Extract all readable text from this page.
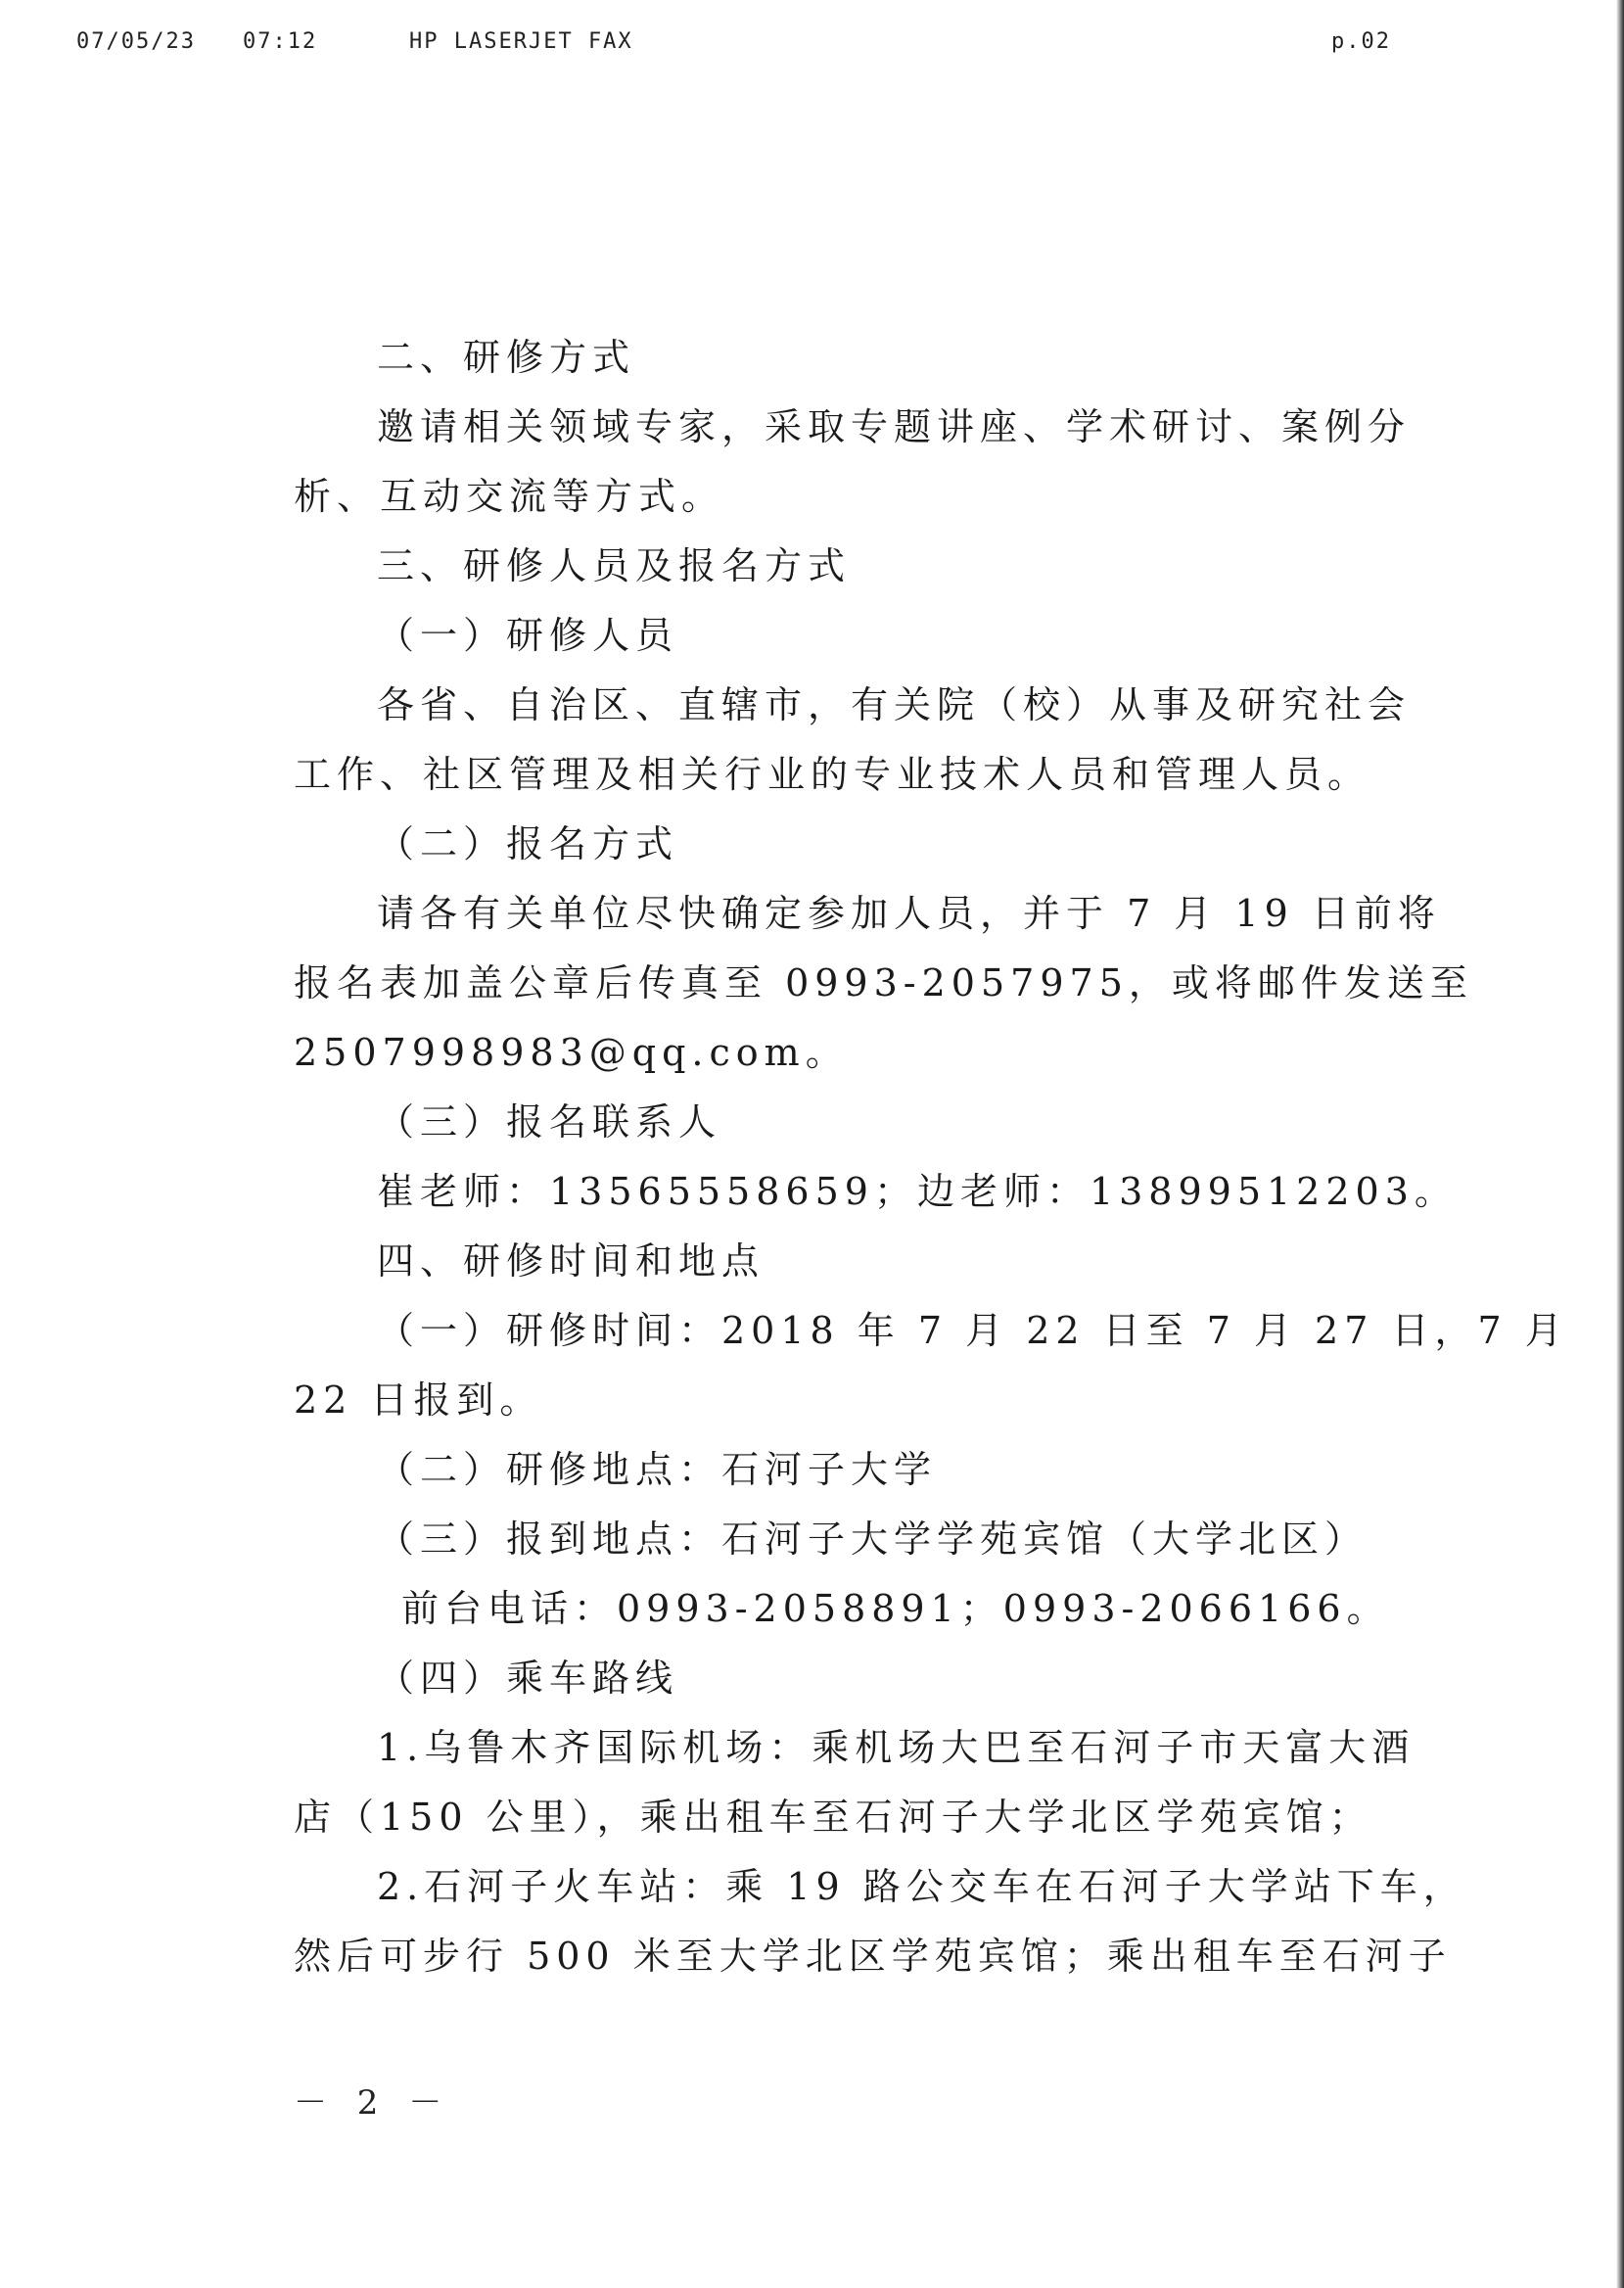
07/05/23 07:12	HP LASERJET FAX	p.02
二、研修方式
邀请相关领域专家，采取专题讲座、学术研讨、案例分
析、互动交流等方式。
三、研修人员及报名方式
（一）研修人员
各省、自治区、直辖市，有关院（校）从事及研究社会
工作、社区管理及相关行业的专业技术人员和管理人员。
（二）报名方式
请各有关单位尽快确定参加人员，并于 7 月 19 日前将
报名表加盖公章后传真至 0993-2057975，或将邮件发送至
2507998983@qq.com。
（三）报名联系人
崔老师：13565558659；边老师：13899512203。
四、研修时间和地点
（一）研修时间：2018 年 7 月 22 日至 7 月 27 日，7 月
22 日报到。
（二）研修地点：石河子大学
（三）报到地点：石河子大学学苑宾馆（大学北区）
前台电话：0993-2058891；0993-2066166。
（四）乘车路线
1.乌鲁木齐国际机场：乘机场大巴至石河子市天富大酒
店（150 公里），乘出租车至石河子大学北区学苑宾馆；
2.石河子火车站：乘 19 路公交车在石河子大学站下车，
然后可步行 500 米至大学北区学苑宾馆；乘出租车至石河子
－ 2 －
